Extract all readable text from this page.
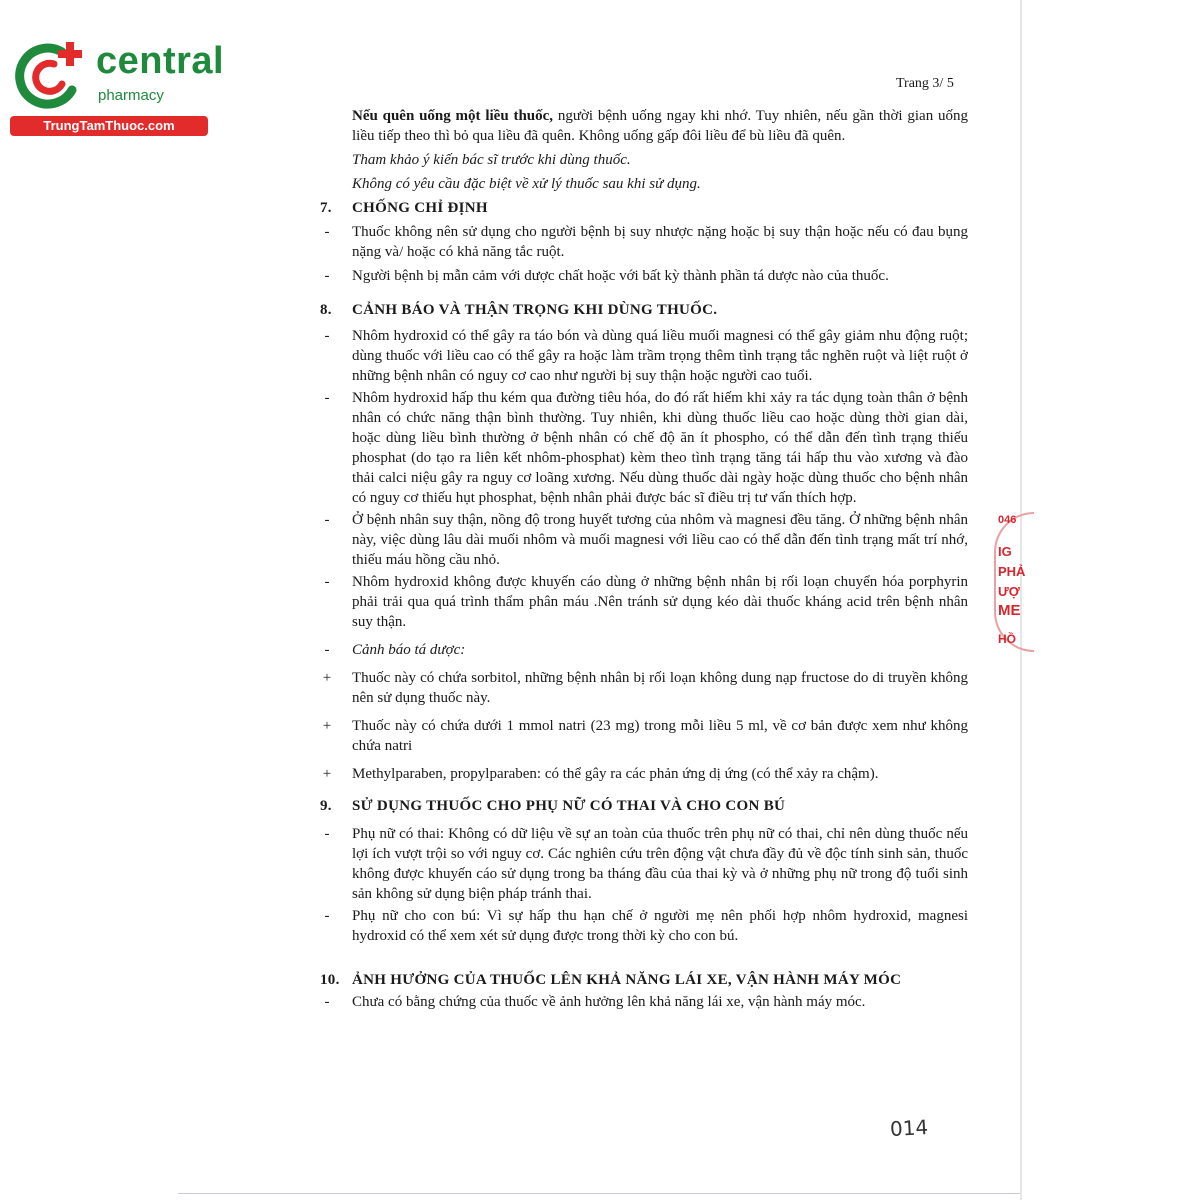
central
pharmacy
TrungTamThuoc.com
Trang 3/ 5
046
IG
PHẢ
ƯỢ
ME
HỒ

Nếu quên uống một liều thuốc, người bệnh uống ngay khi nhớ. Tuy nhiên, nếu gần thời gian uống liều tiếp theo thì bỏ qua liều đã quên. Không uống gấp đôi liều để bù liều đã quên.

Tham khảo ý kiến bác sĩ trước khi dùng thuốc.

Không có yêu cầu đặc biệt về xử lý thuốc sau khi sử dụng.

7. CHỐNG CHỈ ĐỊNH
-	Thuốc không nên sử dụng cho người bệnh bị suy nhược nặng hoặc bị suy thận hoặc nếu có đau bụng nặng và/ hoặc có khả năng tắc ruột.

-	Người bệnh bị mẫn cảm với dược chất hoặc với bất kỳ thành phần tá dược nào của thuốc.

8. CẢNH BÁO VÀ THẬN TRỌNG KHI DÙNG THUỐC.
-	Nhôm hydroxid có thể gây ra táo bón và dùng quá liều muối magnesi có thể gây giảm nhu động ruột; dùng thuốc với liều cao có thể gây ra hoặc làm trầm trọng thêm tình trạng tắc nghẽn ruột và liệt ruột ở những bệnh nhân có nguy cơ cao như người bị suy thận hoặc người cao tuổi.

-	Nhôm hydroxid hấp thu kém qua đường tiêu hóa, do đó rất hiếm khi xảy ra tác dụng toàn thân ở bệnh nhân có chức năng thận bình thường. Tuy nhiên, khi dùng thuốc liều cao hoặc dùng thời gian dài, hoặc dùng liều bình thường ở bệnh nhân có chế độ ăn ít phospho, có thể dẫn đến tình trạng thiếu phosphat (do tạo ra liên kết nhôm-phosphat) kèm theo tình trạng tăng tái hấp thu vào xương và đào thải calci niệu gây ra nguy cơ loãng xương. Nếu dùng thuốc dài ngày hoặc dùng thuốc cho bệnh nhân có nguy cơ thiếu hụt phosphat, bệnh nhân phải được bác sĩ điều trị tư vấn thích hợp.

-	Ở bệnh nhân suy thận, nồng độ trong huyết tương của nhôm và magnesi đều tăng. Ở những bệnh nhân này, việc dùng lâu dài muối nhôm và muối magnesi với liều cao có thể dẫn đến tình trạng mất trí nhớ, thiếu máu hồng cầu nhỏ.

-	Nhôm hydroxid không được khuyến cáo dùng ở những bệnh nhân bị rối loạn chuyển hóa porphyrin phải trải qua quá trình thẩm phân máu .Nên tránh sử dụng kéo dài thuốc kháng acid trên bệnh nhân suy thận.

-	Cảnh báo tá dược:

+ Thuốc này có chứa sorbitol, những bệnh nhân bị rối loạn không dung nạp fructose do di truyền không nên sử dụng thuốc này.

+ Thuốc này có chứa dưới 1 mmol natri (23 mg) trong mỗi liều 5 ml, về cơ bản được xem như không chứa natri

+ Methylparaben, propylparaben: có thể gây ra các phản ứng dị ứng (có thể xảy ra chậm).

9. SỬ DỤNG THUỐC CHO PHỤ NỮ CÓ THAI VÀ CHO CON BÚ
-	Phụ nữ có thai: Không có dữ liệu về sự an toàn của thuốc trên phụ nữ có thai, chỉ nên dùng thuốc nếu lợi ích vượt trội so với nguy cơ. Các nghiên cứu trên động vật chưa đầy đủ về độc tính sinh sản, thuốc không được khuyến cáo sử dụng trong ba tháng đầu của thai kỳ và ở những phụ nữ trong độ tuổi sinh sản không sử dụng biện pháp tránh thai.

-	Phụ nữ cho con bú: Vì sự hấp thu hạn chế ở người mẹ nên phối hợp nhôm hydroxid, magnesi hydroxid có thể xem xét sử dụng được trong thời kỳ cho con bú.

10. ẢNH HƯỞNG CỦA THUỐC LÊN KHẢ NĂNG LÁI XE, VẬN HÀNH MÁY MÓC
-	Chưa có bằng chứng của thuốc về ảnh hưởng lên khả năng lái xe, vận hành máy móc.

014
